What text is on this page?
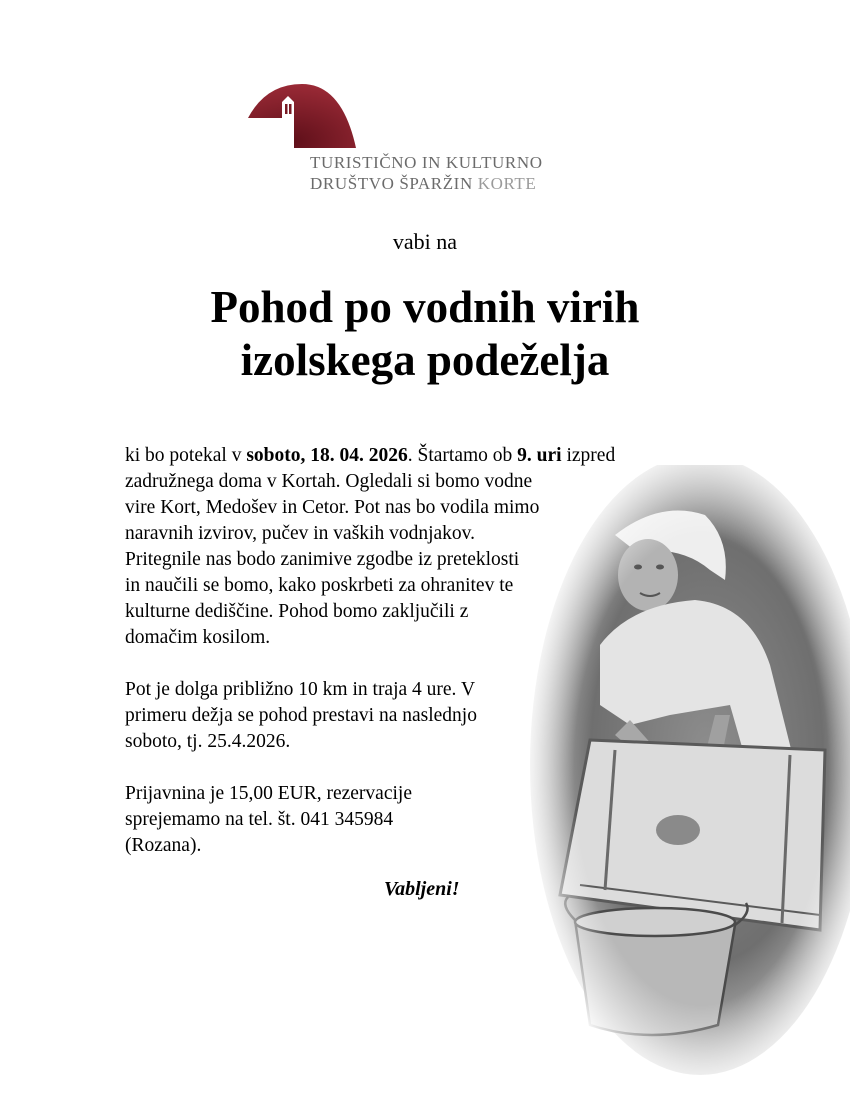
TURISTIČNO IN KULTURNO
DRUŠTVO ŠPARŽIN KORTE
vabi na
Pohod po vodnih virih
izolskega podeželja
ki bo potekal v soboto, 18. 04. 2026. Štartamo ob 9. uri izpred
zadružnega doma v Kortah. Ogledali si bomo vodne
vire Kort, Medošev in Cetor. Pot nas bo vodila mimo
naravnih izvirov, pučev in vaških vodnjakov.
Pritegnile nas bodo zanimive zgodbe iz preteklosti
in naučili se bomo, kako poskrbeti za ohranitev te
kulturne dediščine. Pohod bomo zaključili z
domačim kosilom.
Pot je dolga približno 10 km in traja 4 ure. V
primeru dežja se pohod prestavi na naslednjo
soboto, tj. 25.4.2026.
Prijavnina je 15,00 EUR, rezervacije
sprejemamo na tel. št. 041 345984
(Rozana).
Vabljeni!
